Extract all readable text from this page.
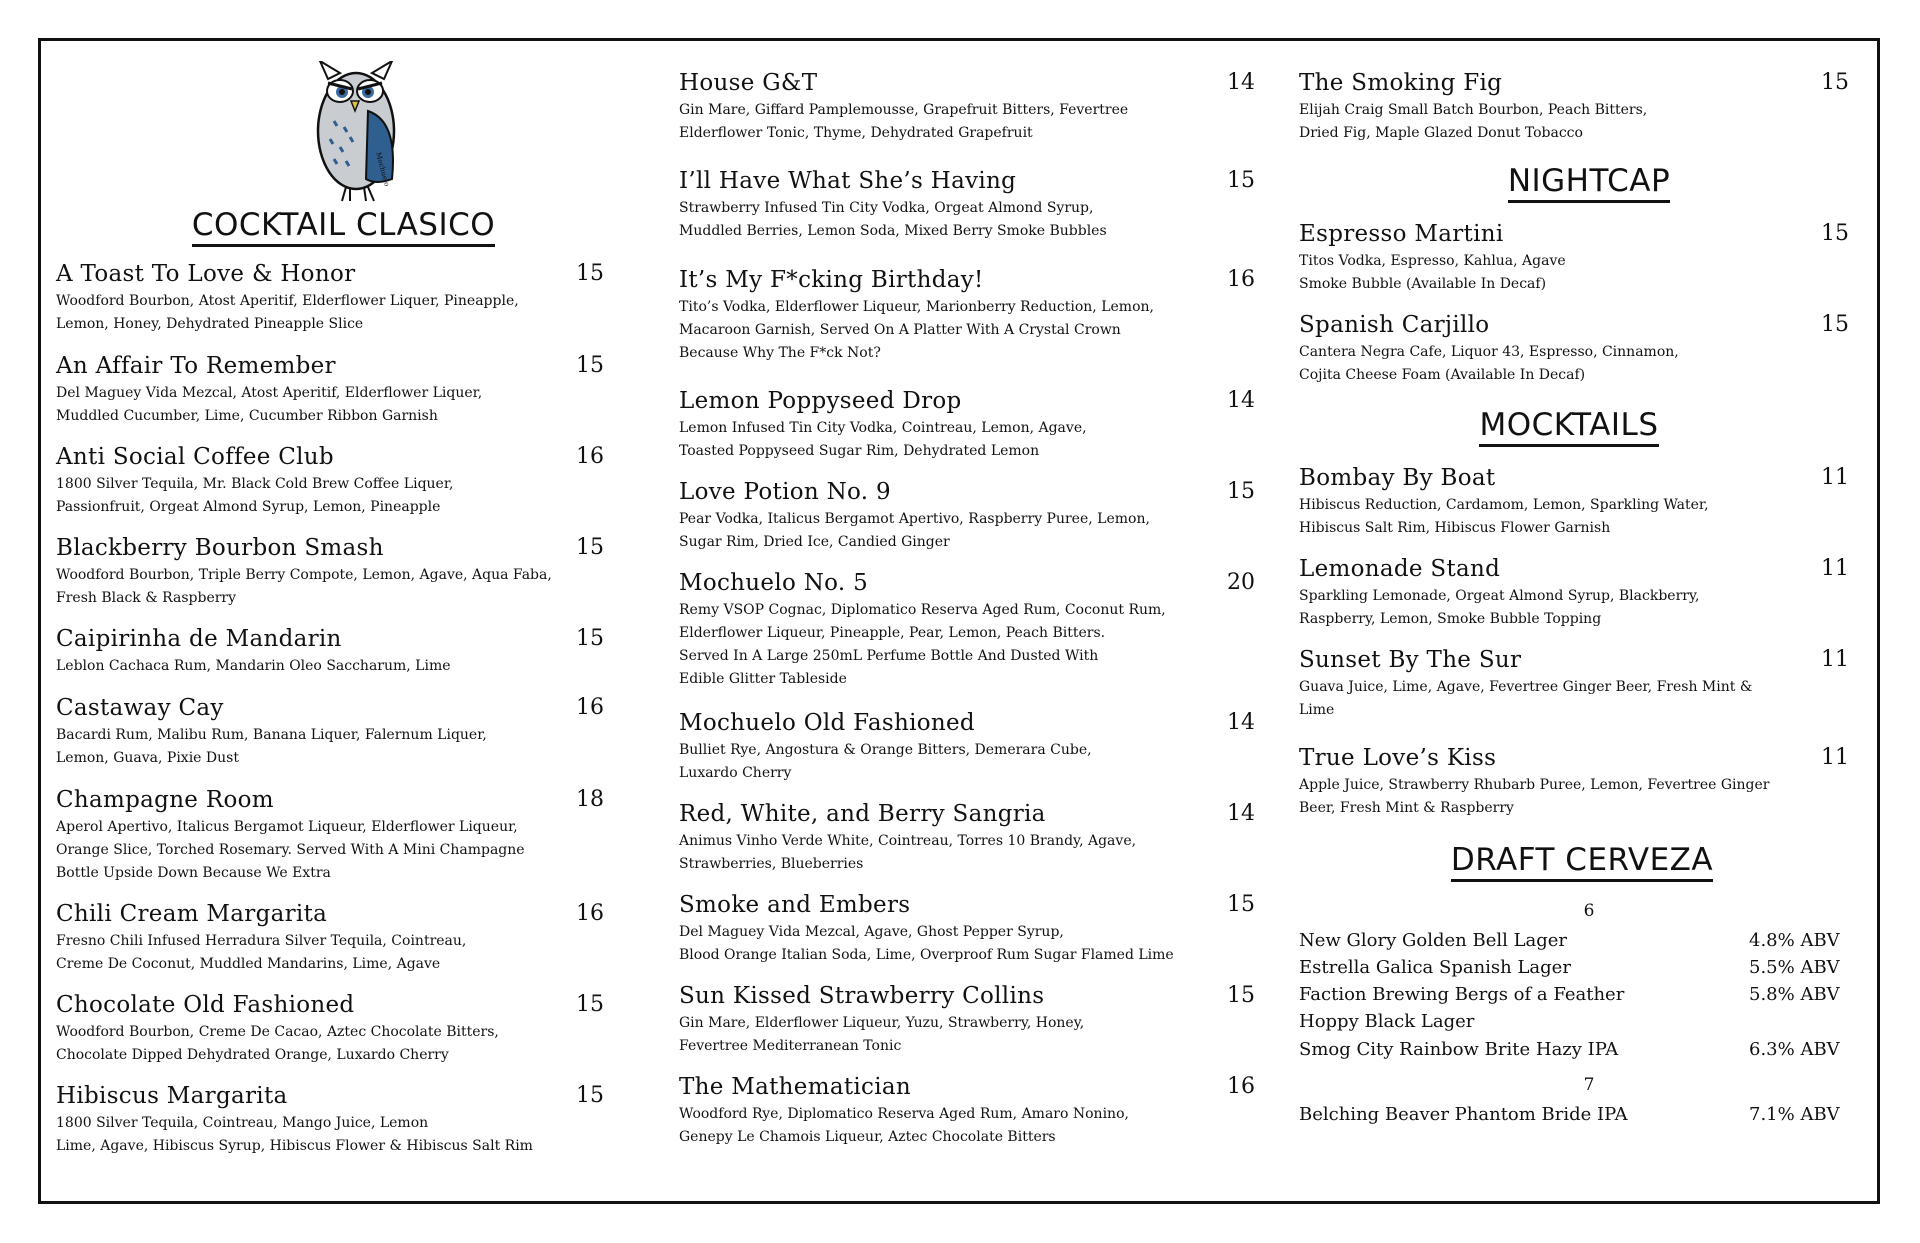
Mochuelo
COCKTAIL CLASICO
A Toast To Love & Honor	15
Woodford Bourbon, Atost Aperitif, Elderflower Liquer, Pineapple,
Lemon, Honey, Dehydrated Pineapple Slice
An Affair To Remember	15
Del Maguey Vida Mezcal, Atost Aperitif, Elderflower Liquer,
Muddled Cucumber, Lime, Cucumber Ribbon Garnish
Anti Social Coffee Club	16
1800 Silver Tequila, Mr. Black Cold Brew Coffee Liquer,
Passionfruit, Orgeat Almond Syrup, Lemon, Pineapple
Blackberry Bourbon Smash	15
Woodford Bourbon, Triple Berry Compote, Lemon, Agave, Aqua Faba,
Fresh Black & Raspberry
Caipirinha de Mandarin	15
Leblon Cachaca Rum, Mandarin Oleo Saccharum, Lime
Castaway Cay	16
Bacardi Rum, Malibu Rum, Banana Liquer, Falernum Liquer,
Lemon, Guava, Pixie Dust
Champagne Room	18
Aperol Apertivo, Italicus Bergamot Liqueur, Elderflower Liqueur,
Orange Slice, Torched Rosemary. Served With A Mini Champagne
Bottle Upside Down Because We Extra
Chili Cream Margarita	16
Fresno Chili Infused Herradura Silver Tequila, Cointreau,
Creme De Coconut, Muddled Mandarins, Lime, Agave
Chocolate Old Fashioned	15
Woodford Bourbon, Creme De Cacao, Aztec Chocolate Bitters,
Chocolate Dipped Dehydrated Orange, Luxardo Cherry
Hibiscus Margarita	15
1800 Silver Tequila, Cointreau, Mango Juice, Lemon
Lime, Agave, Hibiscus Syrup, Hibiscus Flower & Hibiscus Salt Rim
House G&T	14
Gin Mare, Giffard Pamplemousse, Grapefruit Bitters, Fevertree
Elderflower Tonic, Thyme, Dehydrated Grapefruit
I’ll Have What She’s Having	15
Strawberry Infused Tin City Vodka, Orgeat Almond Syrup,
Muddled Berries, Lemon Soda, Mixed Berry Smoke Bubbles
It’s My F*cking Birthday!	16
Tito’s Vodka, Elderflower Liqueur, Marionberry Reduction, Lemon,
Macaroon Garnish, Served On A Platter With A Crystal Crown
Because Why The F*ck Not?
Lemon Poppyseed Drop	14
Lemon Infused Tin City Vodka, Cointreau, Lemon, Agave,
Toasted Poppyseed Sugar Rim, Dehydrated Lemon
Love Potion No. 9	15
Pear Vodka, Italicus Bergamot Apertivo, Raspberry Puree, Lemon,
Sugar Rim, Dried Ice, Candied Ginger
Mochuelo No. 5	20
Remy VSOP Cognac, Diplomatico Reserva Aged Rum, Coconut Rum,
Elderflower Liqueur, Pineapple, Pear, Lemon, Peach Bitters.
Served In A Large 250mL Perfume Bottle And Dusted With
Edible Glitter Tableside
Mochuelo Old Fashioned	14
Bulliet Rye, Angostura & Orange Bitters, Demerara Cube,
Luxardo Cherry
Red, White, and Berry Sangria	14
Animus Vinho Verde White, Cointreau, Torres 10 Brandy, Agave,
Strawberries, Blueberries
Smoke and Embers	15
Del Maguey Vida Mezcal, Agave, Ghost Pepper Syrup,
Blood Orange Italian Soda, Lime, Overproof Rum Sugar Flamed Lime
Sun Kissed Strawberry Collins	15
Gin Mare, Elderflower Liqueur, Yuzu, Strawberry, Honey,
Fevertree Mediterranean Tonic
The Mathematician	16
Woodford Rye, Diplomatico Reserva Aged Rum, Amaro Nonino,
Genepy Le Chamois Liqueur, Aztec Chocolate Bitters
The Smoking Fig	15
Elijah Craig Small Batch Bourbon, Peach Bitters,
Dried Fig, Maple Glazed Donut Tobacco
NIGHTCAP
Espresso Martini	15
Titos Vodka, Espresso, Kahlua, Agave
Smoke Bubble (Available In Decaf)
Spanish Carjillo	15
Cantera Negra Cafe, Liquor 43, Espresso, Cinnamon,
Cojita Cheese Foam (Available In Decaf)
MOCKTAILS
Bombay By Boat	11
Hibiscus Reduction, Cardamom, Lemon, Sparkling Water,
Hibiscus Salt Rim, Hibiscus Flower Garnish
Lemonade Stand	11
Sparkling Lemonade, Orgeat Almond Syrup, Blackberry,
Raspberry, Lemon, Smoke Bubble Topping
Sunset By The Sur	11
Guava Juice, Lime, Agave, Fevertree Ginger Beer, Fresh Mint &
Lime
True Love’s Kiss	11
Apple Juice, Strawberry Rhubarb Puree, Lemon, Fevertree Ginger
Beer, Fresh Mint & Raspberry
DRAFT CERVEZA
6
New Glory Golden Bell Lager	4.8% ABV
Estrella Galica Spanish Lager	5.5% ABV
Faction Brewing Bergs of a Feather	5.8% ABV
Hoppy Black Lager
Smog City Rainbow Brite Hazy IPA	6.3% ABV
7
Belching Beaver Phantom Bride IPA	7.1% ABV
